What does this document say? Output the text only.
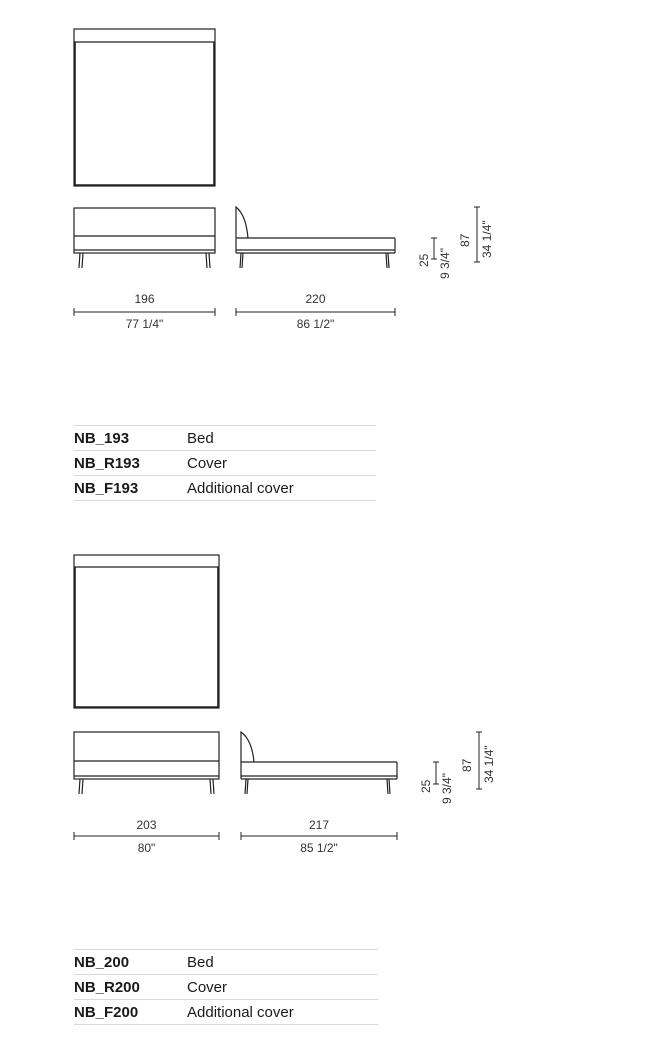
196
77 1/4"
220
86 1/2"
25 9 3/4"
87 34 1/4"
NB_193	Bed
NB_R193	Cover
NB_F193	Additional cover
203
80"
217
85 1/2"
25 9 3/4"
87 34 1/4"
NB_200	Bed
NB_R200	Cover
NB_F200	Additional cover
